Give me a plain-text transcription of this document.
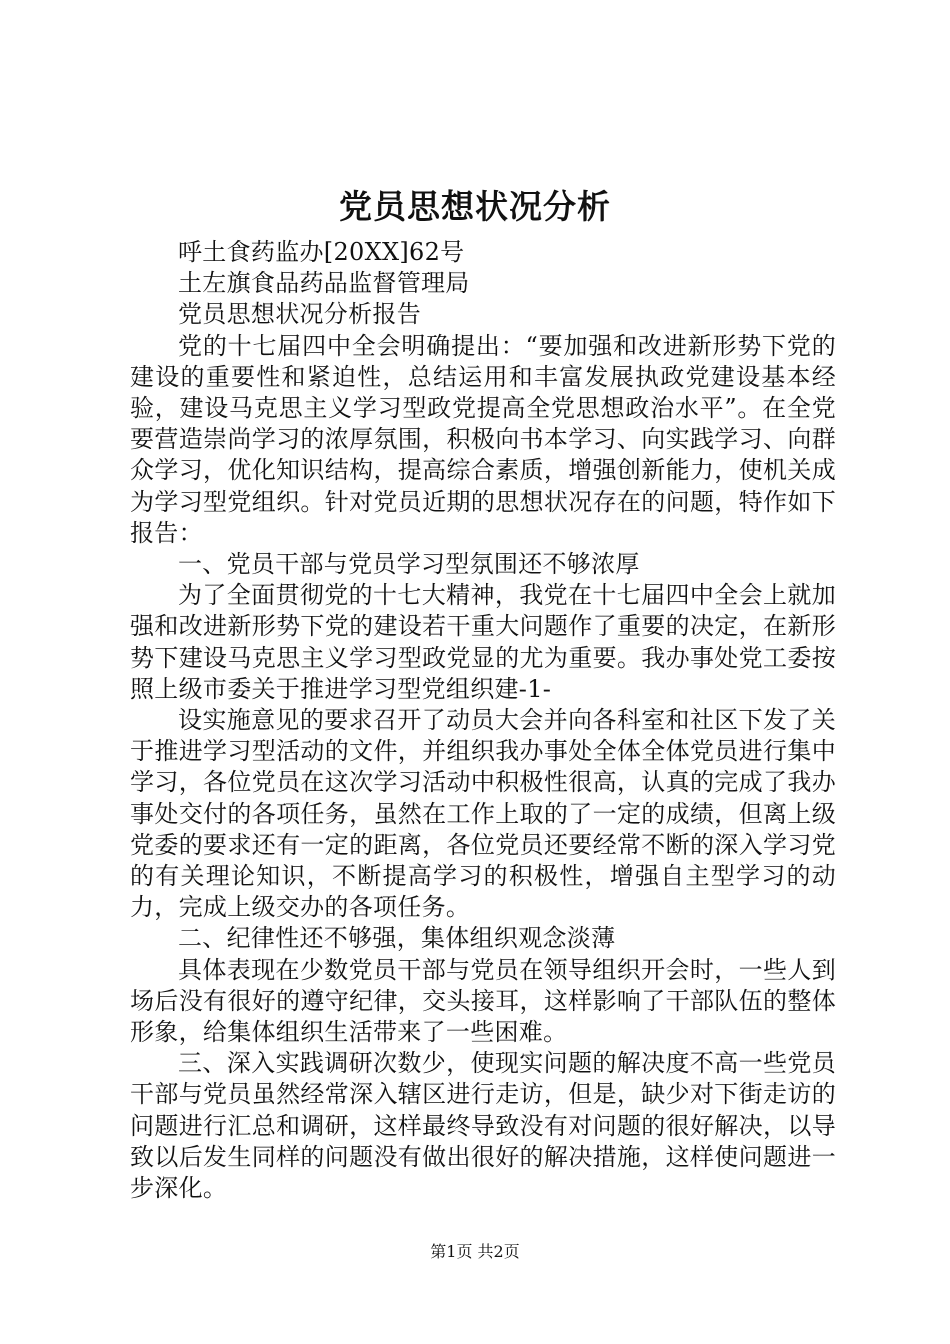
党员思想状况分析

呼土食药监办[20XX]62号

土左旗食品药品监督管理局

党员思想状况分析报告

党的十七届四中全会明确提出：“要加强和改进新形势下党的建设的重要性和紧迫性，总结运用和丰富发展执政党建设基本经验，建设马克思主义学习型政党提高全党思想政治水平”。在全党要营造崇尚学习的浓厚氛围，积极向书本学习、向实践学习、向群众学习，优化知识结构，提高综合素质，增强创新能力，使机关成为学习型党组织。针对党员近期的思想状况存在的问题，特作如下报告：

一、党员干部与党员学习型氛围还不够浓厚

为了全面贯彻党的十七大精神，我党在十七届四中全会上就加强和改进新形势下党的建设若干重大问题作了重要的决定，在新形势下建设马克思主义学习型政党显的尤为重要。我办事处党工委按照上级市委关于推进学习型党组织建-1-

设实施意见的要求召开了动员大会并向各科室和社区下发了关于推进学习型活动的文件，并组织我办事处全体全体党员进行集中学习，各位党员在这次学习活动中积极性很高，认真的完成了我办事处交付的各项任务，虽然在工作上取的了一定的成绩，但离上级党委的要求还有一定的距离，各位党员还要经常不断的深入学习党的有关理论知识，不断提高学习的积极性，增强自主型学习的动力，完成上级交办的各项任务。

二、纪律性还不够强，集体组织观念淡薄

具体表现在少数党员干部与党员在领导组织开会时，一些人到场后没有很好的遵守纪律，交头接耳，这样影响了干部队伍的整体形象，给集体组织生活带来了一些困难。

三、深入实践调研次数少，使现实问题的解决度不高一些党员干部与党员虽然经常深入辖区进行走访，但是，缺少对下街走访的问题进行汇总和调研，这样最终导致没有对问题的很好解决，以导致以后发生同样的问题没有做出很好的解决措施，这样使问题进一步深化。

第1页 共2页
